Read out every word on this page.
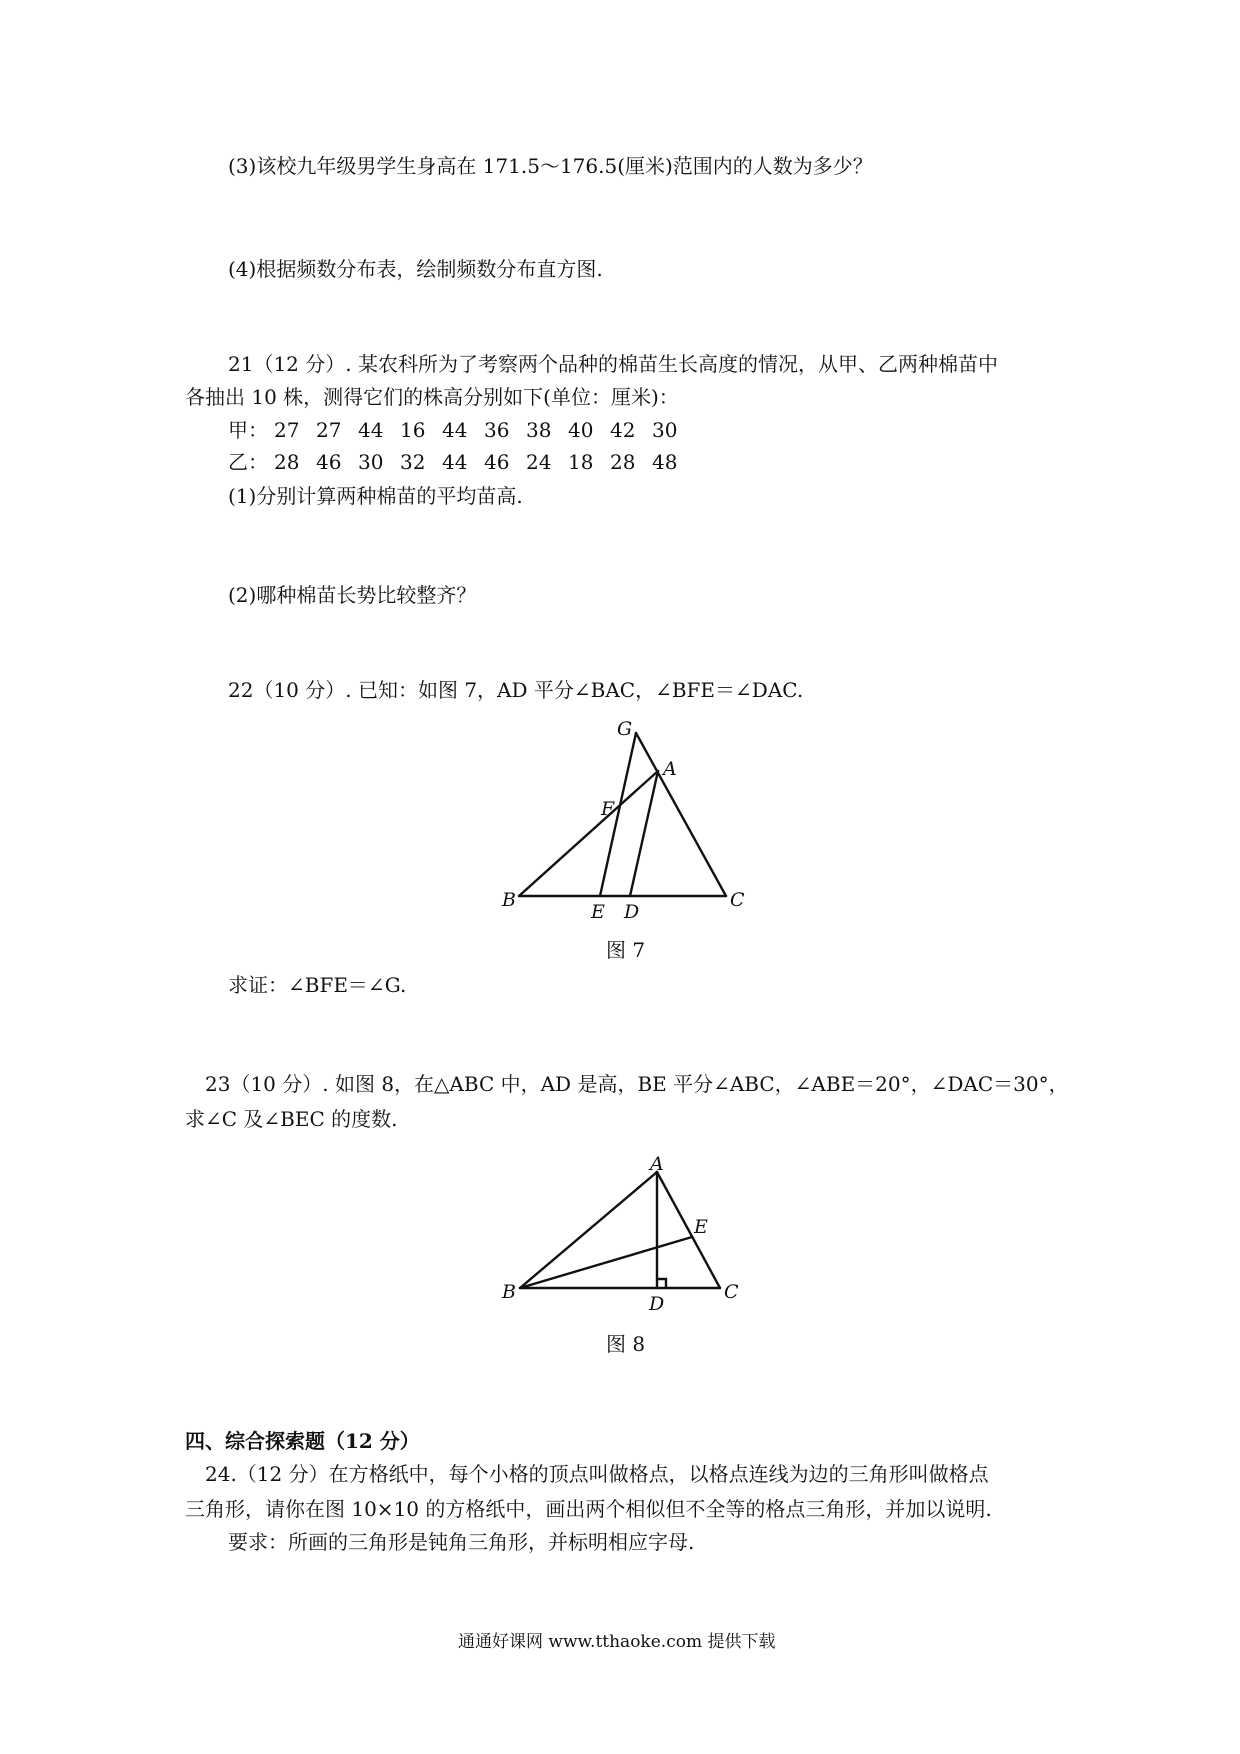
(3)该校九年级男学生身高在 171.5～176.5(厘米)范围内的人数为多少？
(4)根据频数分布表，绘制频数分布直方图.
21（12 分）. 某农科所为了考察两个品种的棉苗生长高度的情况，从甲、乙两种棉苗中
各抽出 10 株，测得它们的株高分别如下(单位：厘米)：
甲： 27 27 44 16 44 36 38 40 42 30
乙： 28 46 30 32 44 46 24 18 28 48
(1)分别计算两种棉苗的平均苗高.
(2)哪种棉苗长势比较整齐？
22（10 分）. 已知：如图 7，AD 平分∠BAC，∠BFE＝∠DAC.
G
A
F
B
E D
C
A
E
B
D
C
图 7
求证：∠BFE＝∠G.
23（10 分）. 如图 8，在△ABC 中，AD 是高，BE 平分∠ABC，∠ABE＝20°，∠DAC＝30°，
求∠C 及∠BEC 的度数.
图 8
四、综合探索题（12 分）
24.（12 分）在方格纸中，每个小格的顶点叫做格点，以格点连线为边的三角形叫做格点
三角形，请你在图 10×10 的方格纸中，画出两个相似但不全等的格点三角形，并加以说明.
要求：所画的三角形是钝角三角形，并标明相应字母.
通通好课网 www.tthaoke.com 提供下载
